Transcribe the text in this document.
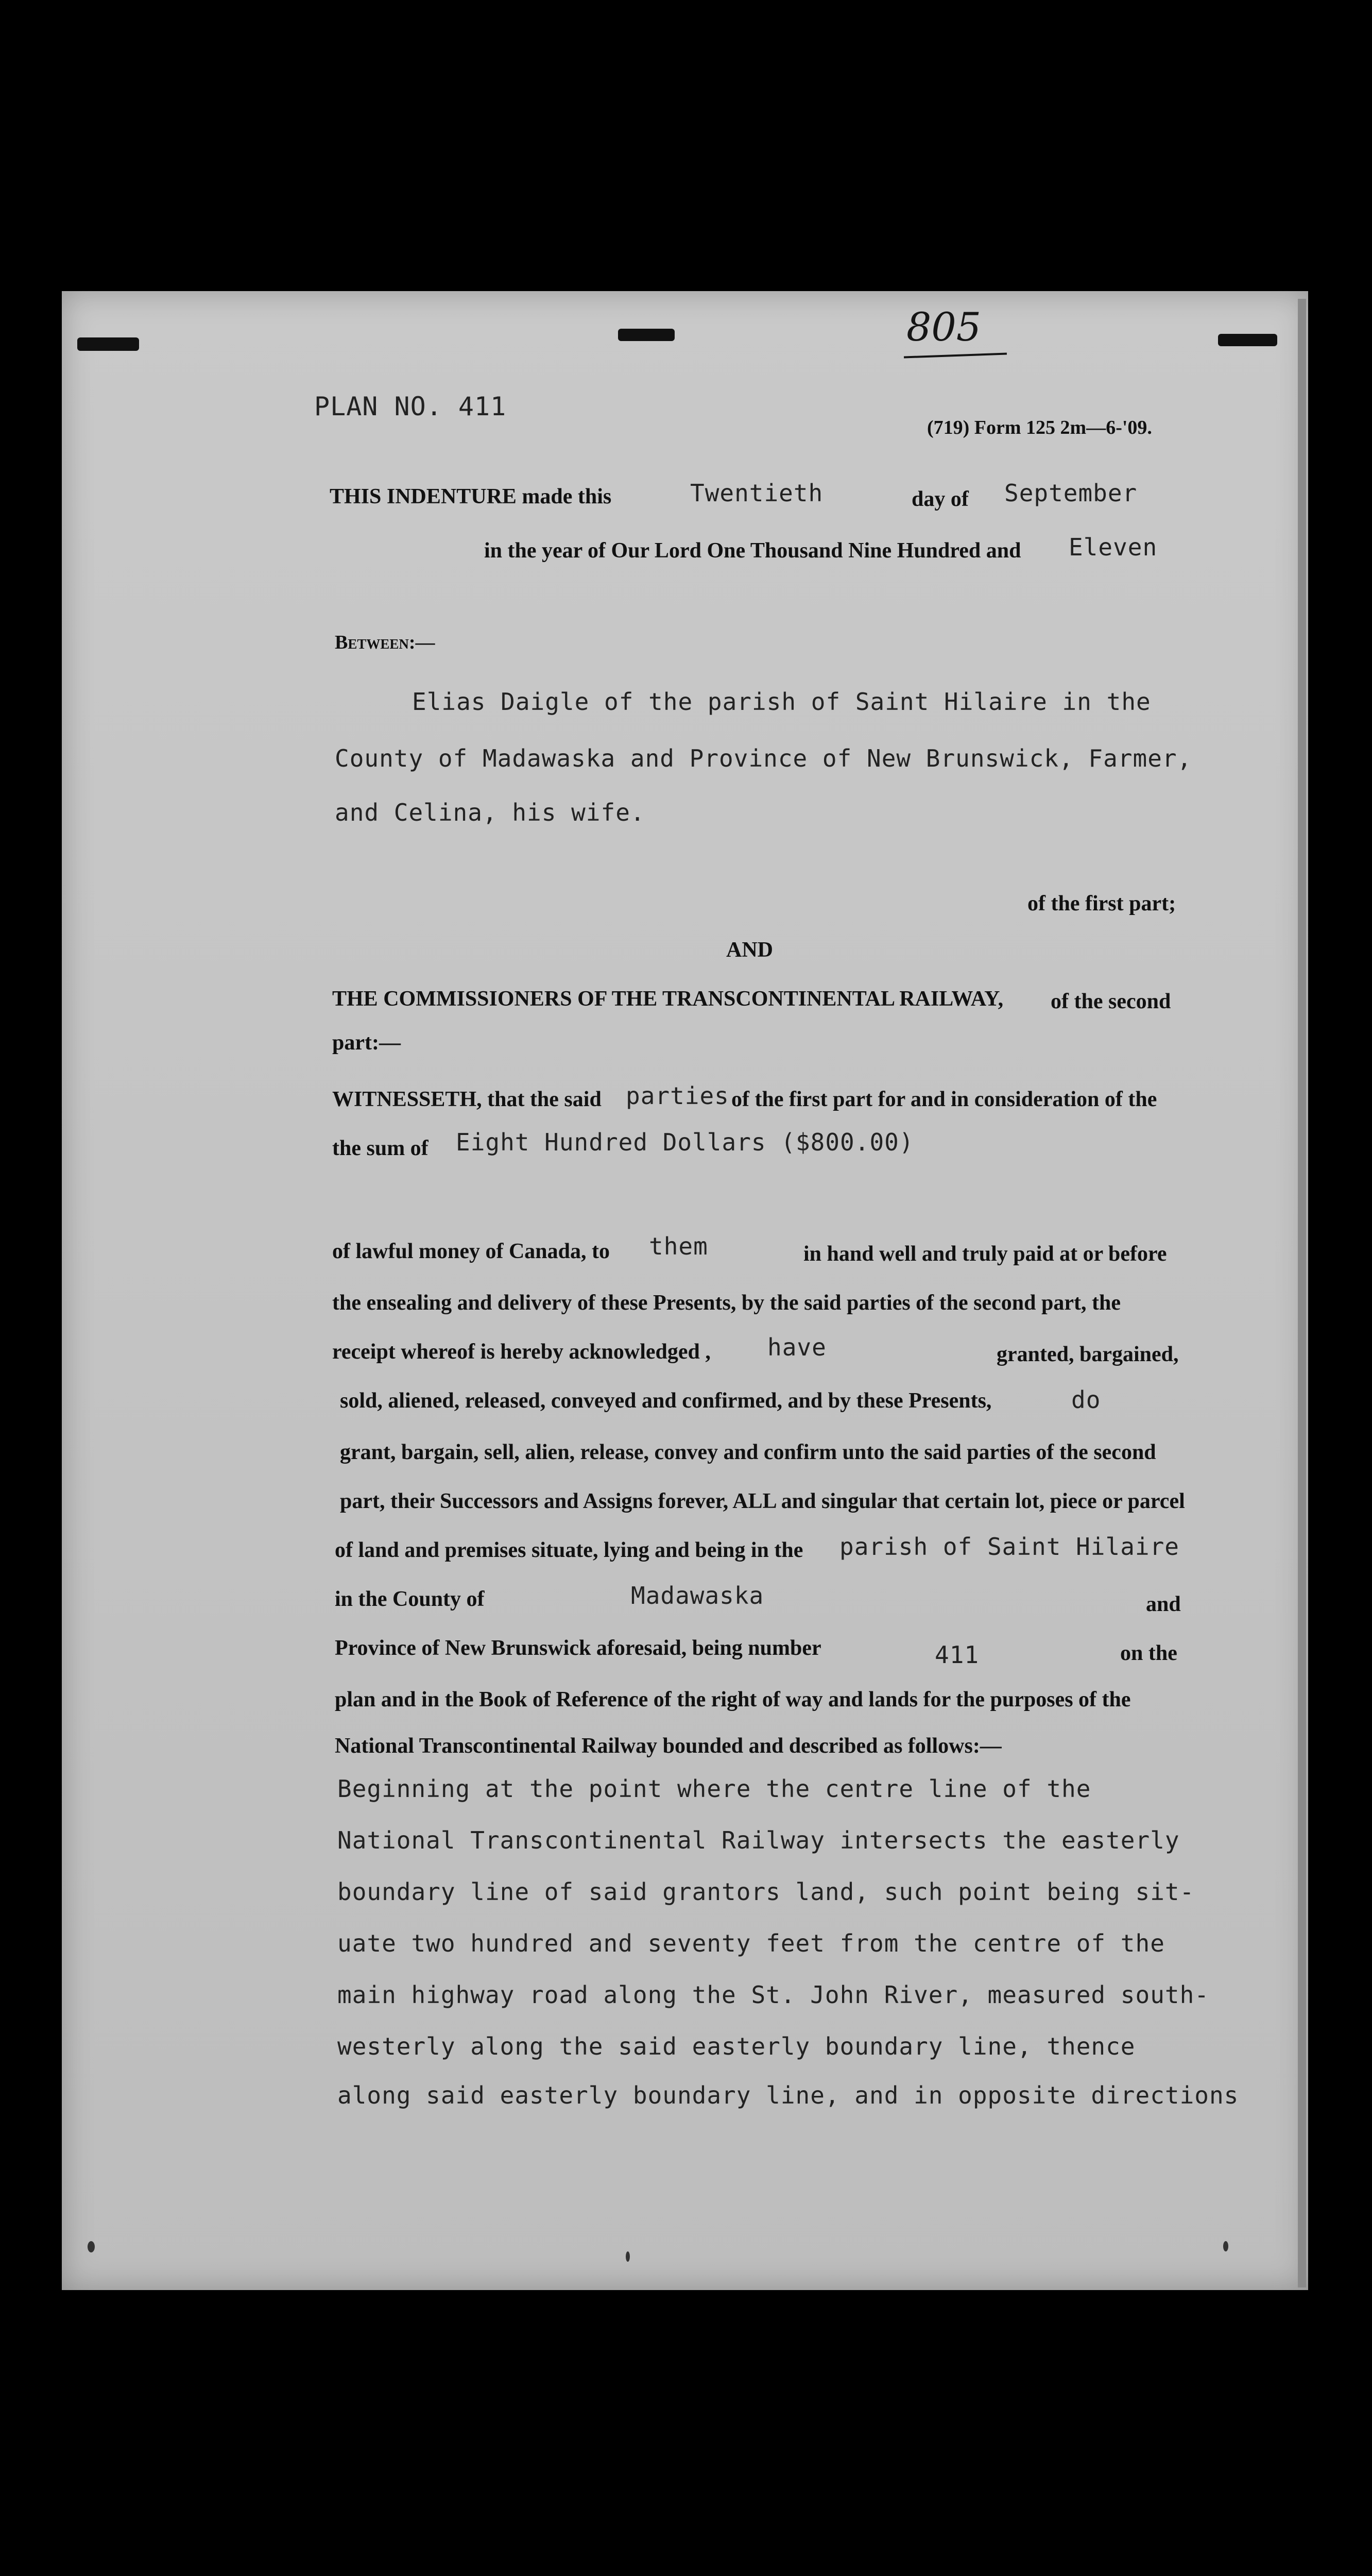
805
PLAN NO. 411
(719) Form 125 2m—6-'09.
THIS INDENTURE made this	Twentieth	day of September
in the year of Our Lord One Thousand Nine Hundred and Eleven
Between:—
Elias Daigle of the parish of Saint Hilaire in the
County of Madawaska and Province of New Brunswick, Farmer,
and Celina, his wife.
of the first part;
AND
THE COMMISSIONERS OF THE TRANSCONTINENTAL RAILWAY, of the second
part:—
WITNESSETH, that the said parties of the first part for and in consideration of the
the sum of Eight Hundred Dollars ($800.00)
of lawful money of Canada, to them	in hand well and truly paid at or before
the ensealing and delivery of these Presents, by the said parties of the second part, the
receipt whereof is hereby acknowledged , have	granted, bargained,
sold, aliened, released, conveyed and confirmed, and by these Presents,	do
grant, bargain, sell, alien, release, convey and confirm unto the said parties of the second
part, their Successors and Assigns forever, ALL and singular that certain lot, piece or parcel
of land and premises situate, lying and being in the parish of Saint Hilaire
in the County of	Madawaska	and
Province of New Brunswick aforesaid, being number	411	on the
plan and in the Book of Reference of the right of way and lands for the purposes of the
National Transcontinental Railway bounded and described as follows:—
Beginning at the point where the centre line of the
National Transcontinental Railway intersects the easterly
boundary line of said grantors land, such point being sit-
uate two hundred and seventy feet from the centre of the
main highway road along the St. John River, measured south-
westerly along the said easterly boundary line, thence
along said easterly boundary line, and in opposite directions
